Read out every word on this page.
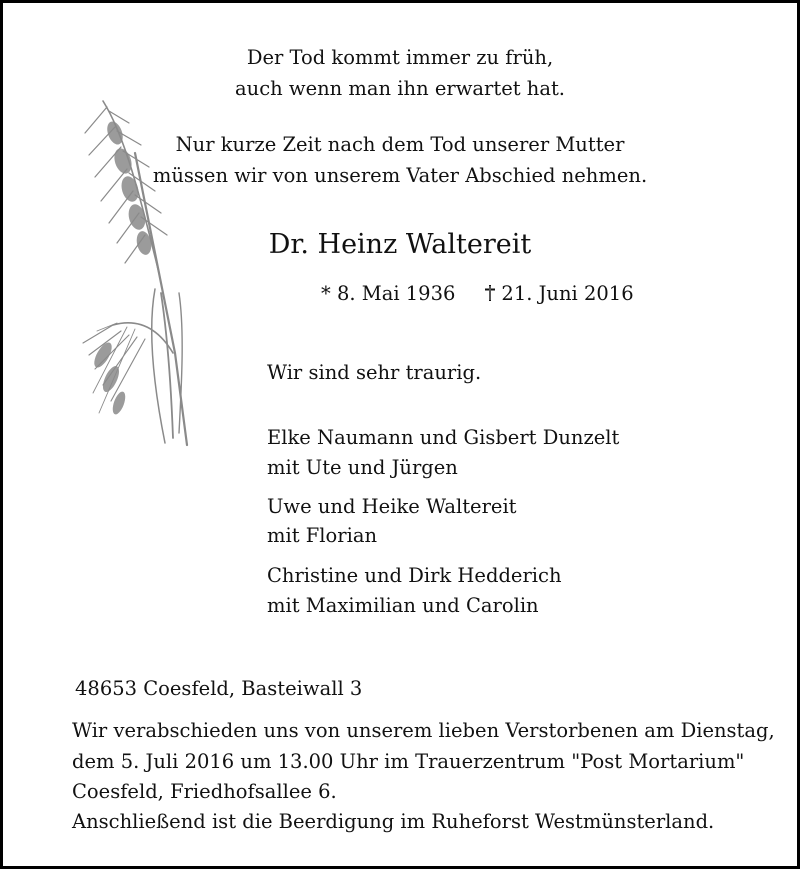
Der Tod kommt immer zu früh,
auch wenn man ihn erwartet hat.
Nur kurze Zeit nach dem Tod unserer Mutter
müssen wir von unserem Vater Abschied nehmen.
Dr. Heinz Waltereit
* 8. Mai 1936 21. Juni 2016
Wir sind sehr traurig.
Elke Naumann und Gisbert Dunzelt
mit Ute und Jürgen
Uwe und Heike Waltereit
mit Florian
Christine und Dirk Hedderich
mit Maximilian und Carolin
48653 Coesfeld, Basteiwall 3
Wir verabschieden uns von unserem lieben Verstorbenen am Dienstag,
dem 5. Juli 2016 um 13.00 Uhr im Trauerzentrum "Post Mortarium"
Coesfeld, Friedhofsallee 6.
Anschließend ist die Beerdigung im Ruheforst Westmünsterland.
